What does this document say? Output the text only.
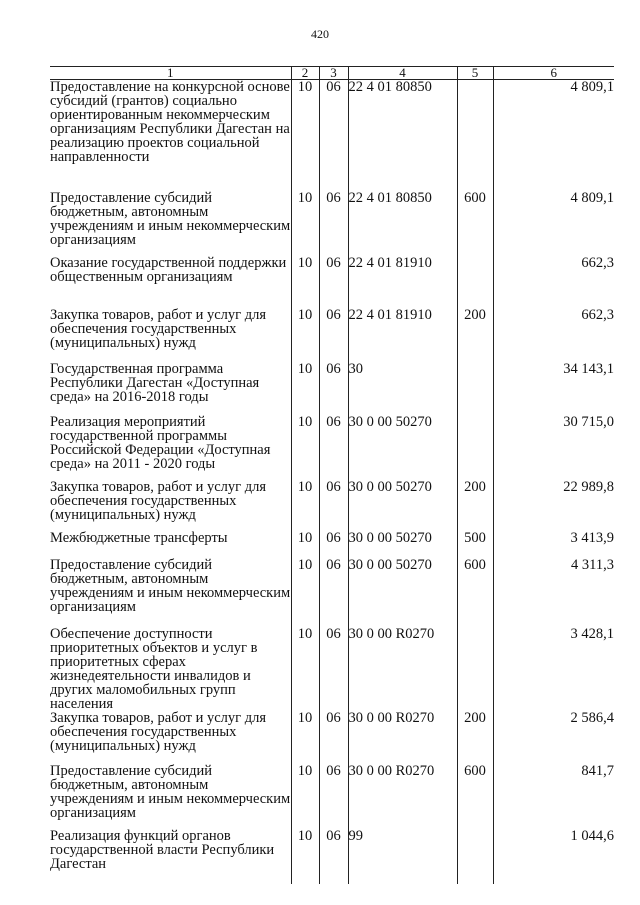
420
1	2	3	4	5	6
Предоставление на конкурсной основе субсидий (грантов) социально ориентированным некоммерческим организациям Республики Дагестан на реализацию проектов социальной направленности	10	06	22 4 01 80850		4 809,1
Предоставление субсидий бюджетным, автономным учреждениям и иным некоммерческим организациям	10	06	22 4 01 80850	600	4 809,1
Оказание государственной поддержки общественным организациям	10	06	22 4 01 81910		662,3
Закупка товаров, работ и услуг для обеспечения государственных (муниципальных) нужд	10	06	22 4 01 81910	200	662,3
Государственная программа Республики Дагестан «Доступная среда» на 2016-2018 годы	10	06	30		34 143,1
Реализация мероприятий государственной программы Российской Федерации «Доступная среда» на 2011 - 2020 годы	10	06	30 0 00 50270		30 715,0
Закупка товаров, работ и услуг для обеспечения государственных (муниципальных) нужд	10	06	30 0 00 50270	200	22 989,8
Межбюджетные трансферты	10	06	30 0 00 50270	500	3 413,9
Предоставление субсидий бюджетным, автономным учреждениям и иным некоммерческим организациям	10	06	30 0 00 50270	600	4 311,3
Обеспечение доступности приоритетных объектов и услуг в приоритетных сферах жизнедеятельности инвалидов и других маломобильных групп населения	10	06	30 0 00 R0270		3 428,1
Закупка товаров, работ и услуг для обеспечения государственных (муниципальных) нужд	10	06	30 0 00 R0270	200	2 586,4
Предоставление субсидий бюджетным, автономным учреждениям и иным некоммерческим организациям	10	06	30 0 00 R0270	600	841,7
Реализация функций органов государственной власти Республики Дагестан	10	06	99		1 044,6
